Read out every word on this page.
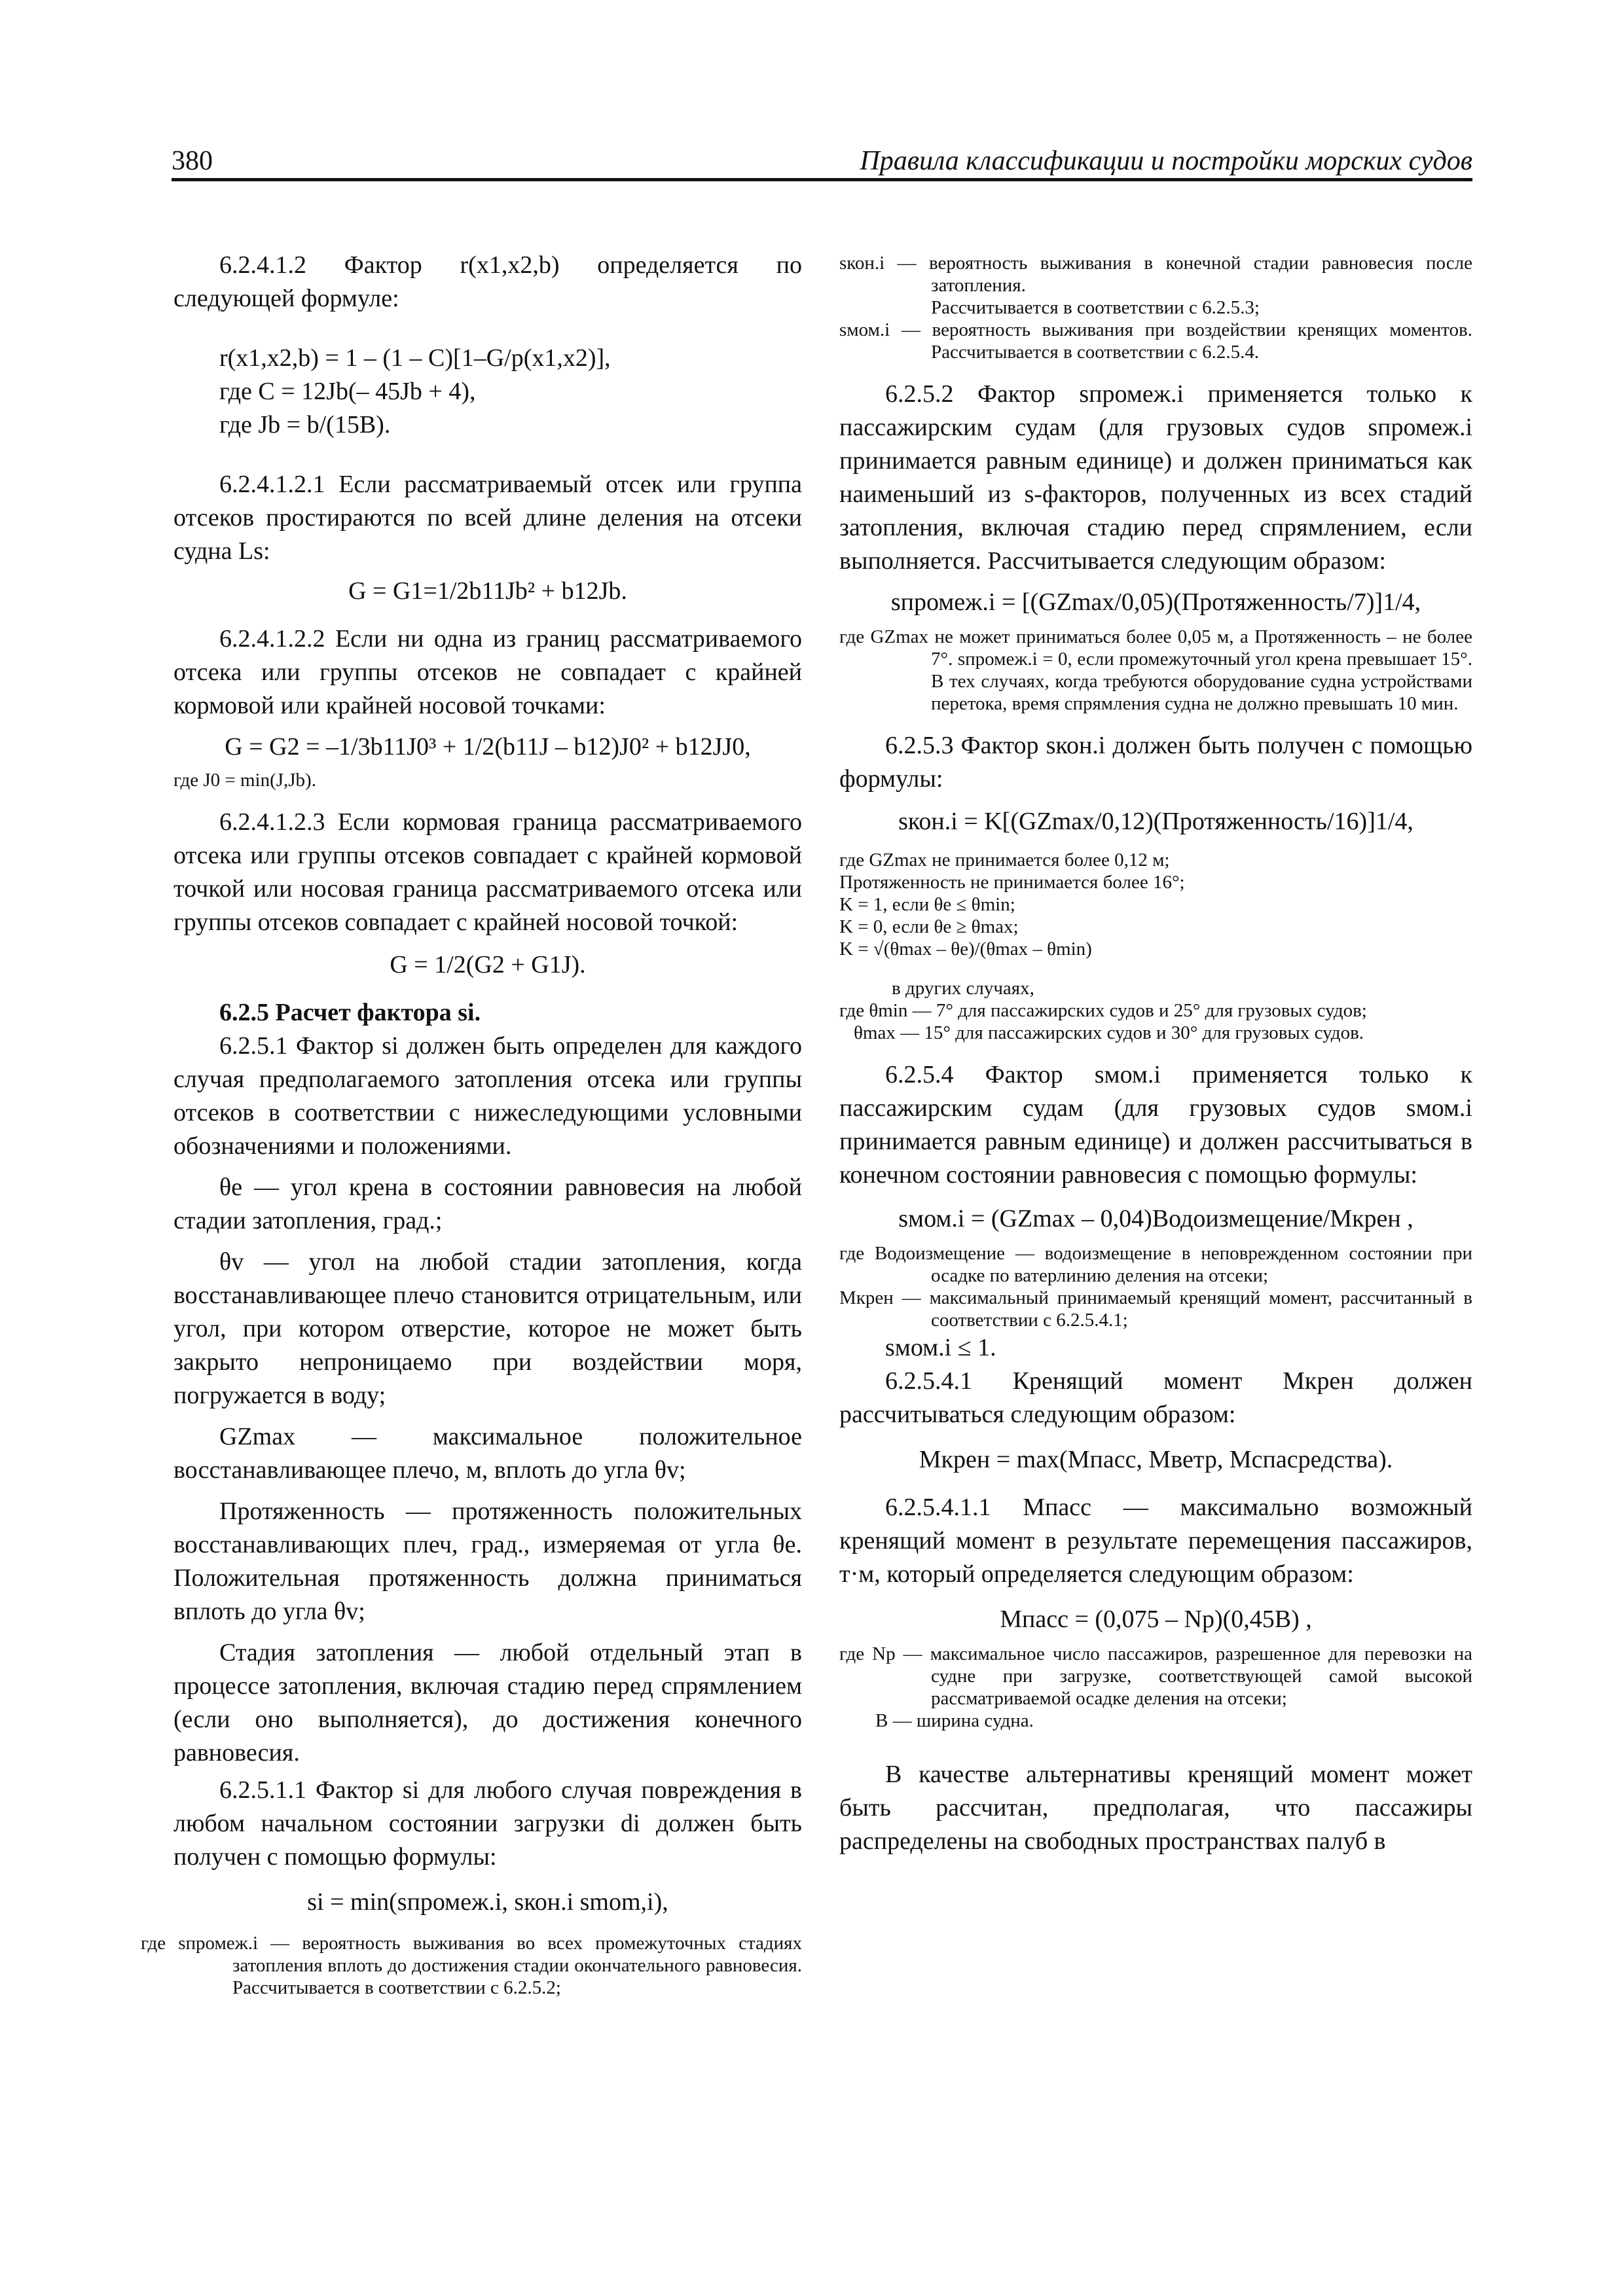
380	Правила классификации и постройки морских судов

6.2.4.1.2 Фактор r(x1,x2,b) определяется по следующей формуле:

r(x1,x2,b) = 1 – (1 – C)[1–G/p(x1,x2)],

где C = 12Jb(– 45Jb + 4),

где Jb = b/(15B).

6.2.4.1.2.1 Если рассматриваемый отсек или группа отсеков простираются по всей длине деления на отсеки судна Ls:

G = G1=1/2b11Jb² + b12Jb.

6.2.4.1.2.2 Если ни одна из границ рассматриваемого отсека или группы отсеков не совпадает с крайней кормовой или крайней носовой точками:

G = G2 = –1/3b11J0³ + 1/2(b11J – b12)J0² + b12JJ0,

где J0 = min(J,Jb).

6.2.4.1.2.3 Если кормовая граница рассматриваемого отсека или группы отсеков совпадает с крайней кормовой точкой или носовая граница рассматриваемого отсека или группы отсеков совпадает с крайней носовой точкой:

G = 1/2(G2 + G1J).

6.2.5 Расчет фактора si.

6.2.5.1 Фактор si должен быть определен для каждого случая предполагаемого затопления отсека или группы отсеков в соответствии с нижеследующими условными обозначениями и положениями.

θe — угол крена в состоянии равновесия на любой стадии затопления, град.;

θv — угол на любой стадии затопления, когда восстанавливающее плечо становится отрицательным, или угол, при котором отверстие, которое не может быть закрыто непроницаемо при воздействии моря, погружается в воду;

GZmax — максимальное положительное восстанавливающее плечо, м, вплоть до угла θv;

Протяженность — протяженность положительных восстанавливающих плеч, град., измеряемая от угла θe. Положительная протяженность должна приниматься вплоть до угла θv;

Стадия затопления — любой отдельный этап в процессе затопления, включая стадию перед спрямлением (если оно выполняется), до достижения конечного равновесия.

6.2.5.1.1 Фактор si для любого случая повреждения в любом начальном состоянии загрузки di должен быть получен с помощью формулы:

si = min(sпромеж.i, sкон.i smom,i),

где sпромеж.i — вероятность выживания во всех промежуточных стадиях затопления вплоть до достижения стадии окончательного равновесия. Рассчитывается в соответствии с 6.2.5.2;

sкон.i — вероятность выживания в конечной стадии равновесия после затопления.

Рассчитывается в соответствии с 6.2.5.3;

sмом.i — вероятность выживания при воздействии кренящих моментов. Рассчитывается в соответствии с 6.2.5.4.

6.2.5.2 Фактор sпромеж.i применяется только к пассажирским судам (для грузовых судов sпромеж.i принимается равным единице) и должен приниматься как наименьший из s-факторов, полученных из всех стадий затопления, включая стадию перед спрямлением, если выполняется. Рассчитывается следующим образом:

sпромеж.i = [(GZmax/0,05)(Протяженность/7)]1/4,

где GZmax не может приниматься более 0,05 м, а Протяженность – не более 7°. sпромеж.i = 0, если промежуточный угол крена превышает 15°. В тех случаях, когда требуются оборудование судна устройствами перетока, время спрямления судна не должно превышать 10 мин.

6.2.5.3 Фактор sкон.i должен быть получен с помощью формулы:

sкон.i = K[(GZmax/0,12)(Протяженность/16)]1/4,

где GZmax не принимается более 0,12 м;

Протяженность не принимается более 16°;

K = 1, если θe ≤ θmin;

K = 0, если θe ≥ θmax;

K = √(θmax – θe)/(θmax – θmin)

в других случаях,

где θmin — 7° для пассажирских судов и 25° для грузовых судов;

θmax — 15° для пассажирских судов и 30° для грузовых судов.

6.2.5.4 Фактор sмом.i применяется только к пассажирским судам (для грузовых судов sмом.i принимается равным единице) и должен рассчитываться в конечном состоянии равновесия с помощью формулы:

sмом.i = (GZmax – 0,04)Водоизмещение/Mкрен ,

где Водоизмещение — водоизмещение в неповрежденном состоянии при осадке по ватерлинию деления на отсеки;

Mкрен — максимальный принимаемый кренящий момент, рассчитанный в соответствии с 6.2.5.4.1;

sмом.i ≤ 1.

6.2.5.4.1 Кренящий момент Mкрен должен рассчитываться следующим образом:

Mкрен = max(Mпасс, Mветр, Mспасредства).

6.2.5.4.1.1 Mпасс — максимально возможный кренящий момент в результате перемещения пассажиров, т·м, который определяется следующим образом:

Mпасс = (0,075 – Np)(0,45B) ,

где Np — максимальное число пассажиров, разрешенное для перевозки на судне при загрузке, соответствующей самой высокой рассматриваемой осадке деления на отсеки;

B — ширина судна.

В качестве альтернативы кренящий момент может быть рассчитан, предполагая, что пассажиры распределены на свободных пространствах палуб в
